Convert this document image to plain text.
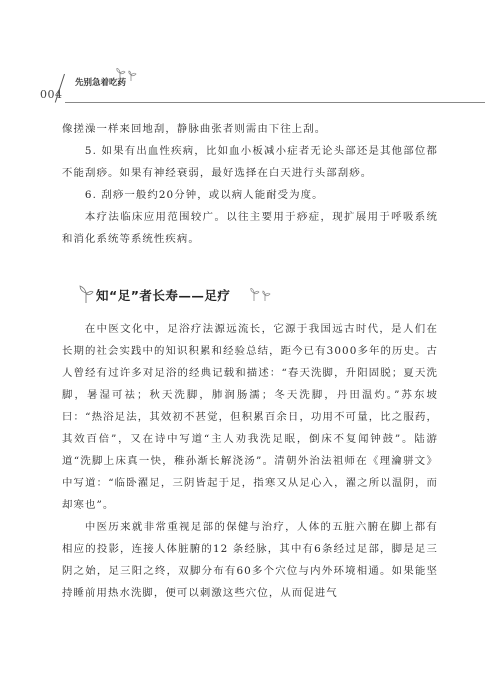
004
先别急着吃药

像搓澡一样来回地刮，静脉曲张者则需由下往上刮。

5. 如果有出血性疾病，比如血小板减小症者无论头部还是其他部位都不能刮痧。如果有神经衰弱，最好选择在白天进行头部刮痧。

6. 刮痧一般约20分钟，或以病人能耐受为度。

本疗法临床应用范围较广。以往主要用于痧症，现扩展用于呼吸系统和消化系统等系统性疾病。

知“足”者长寿——足疗

在中医文化中，足浴疗法源远流长，它源于我国远古时代，是人们在长期的社会实践中的知识积累和经验总结，距今已有3000多年的历史。古人曾经有过许多对足浴的经典记载和描述：“春天洗脚，升阳固脱；夏天洗脚，暑湿可祛；秋天洗脚，肺润肠濡；冬天洗脚，丹田温灼。”苏东坡曰：“热浴足法，其效初不甚觉，但积累百余日，功用不可量，比之服药，其效百倍”，又在诗中写道“主人劝我洗足眠，倒床不复闻钟鼓”。陆游道“洗脚上床真一快，稚孙渐长解浇汤”。清朝外治法祖师在《理瀹骈文》中写道：“临卧濯足，三阴皆起于足，指寒又从足心入，濯之所以温阴，而却寒也”。

中医历来就非常重视足部的保健与治疗，人体的五脏六腑在脚上都有相应的投影，连接人体脏腑的12 条经脉，其中有6条经过足部，脚是足三阴之始，足三阳之终，双脚分布有60多个穴位与内外环境相通。如果能坚持睡前用热水洗脚，便可以刺激这些穴位，从而促进气
